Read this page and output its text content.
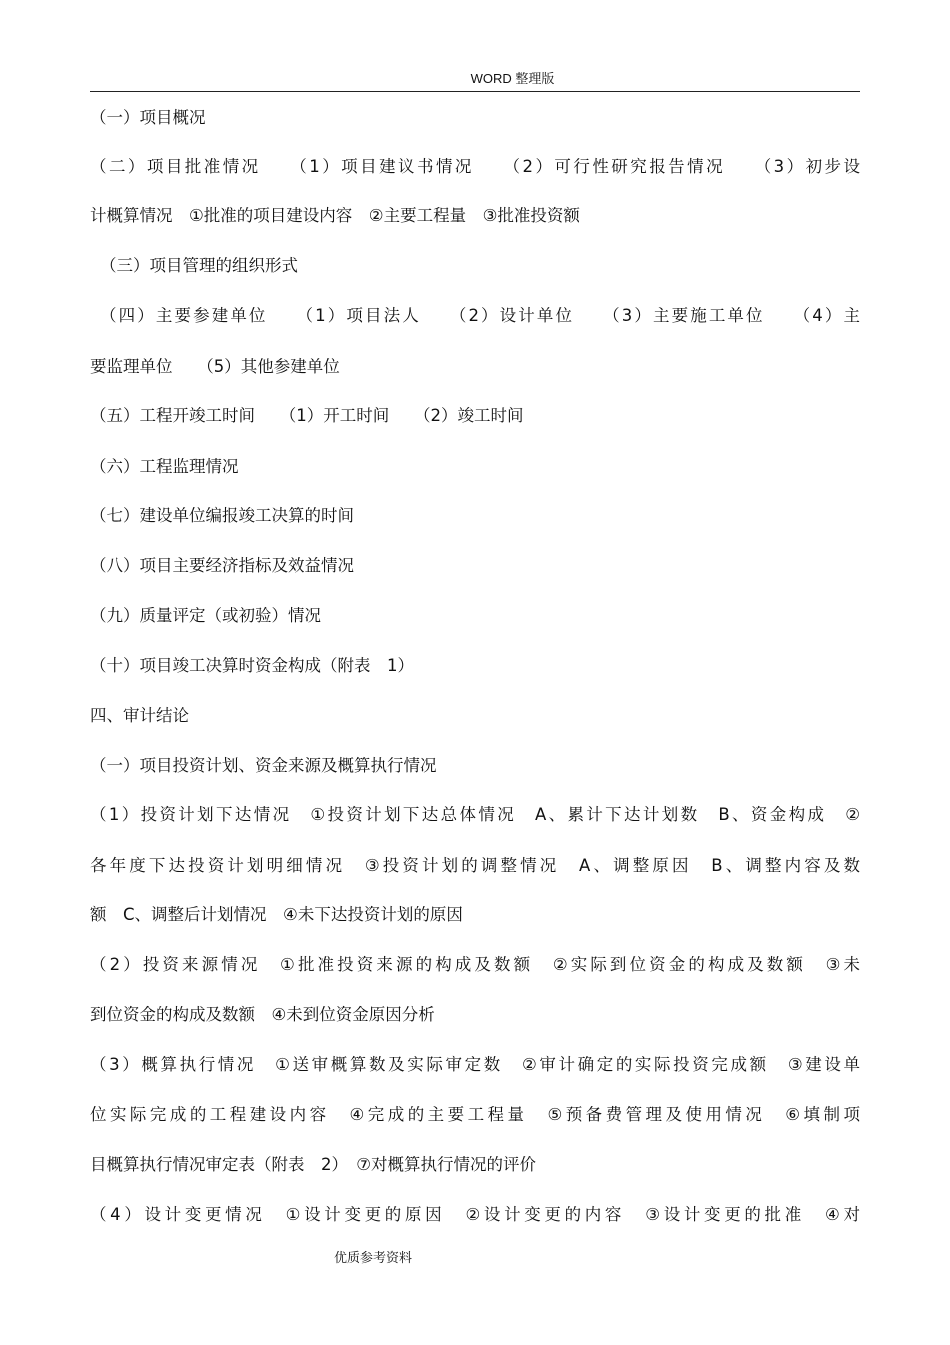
WORD 整理版
（一）项目概况
（二）项目批准情况　　（1）项目建议书情况　　（2）可行性研究报告情况　　（3）初步设
计概算情况　①批准的项目建设内容　②主要工程量　③批准投资额
（三）项目管理的组织形式
（四）主要参建单位　　（1）项目法人　　（2）设计单位　　（3）主要施工单位　　（4）主
要监理单位　　（5）其他参建单位
（五）工程开竣工时间　　（1）开工时间　　（2）竣工时间
（六）工程监理情况
（七）建设单位编报竣工决算的时间
（八）项目主要经济指标及效益情况
（九）质量评定（或初验）情况
（十）项目竣工决算时资金构成（附表　1）
四、审计结论
（一）项目投资计划、资金来源及概算执行情况
（1）投资计划下达情况　①投资计划下达总体情况　A、累计下达计划数　B、资金构成　②
各年度下达投资计划明细情况　③投资计划的调整情况　A、调整原因　B、调整内容及数
额　C、调整后计划情况　④未下达投资计划的原因
（2）投资来源情况　①批准投资来源的构成及数额　②实际到位资金的构成及数额　③未
到位资金的构成及数额　④未到位资金原因分析
（3）概算执行情况　①送审概算数及实际审定数　②审计确定的实际投资完成额　③建设单
位实际完成的工程建设内容　④完成的主要工程量　⑤预备费管理及使用情况　⑥填制项
目概算执行情况审定表（附表　2）　⑦对概算执行情况的评价
（4）设计变更情况　①设计变更的原因　②设计变更的内容　③设计变更的批准　④对
优质参考资料
